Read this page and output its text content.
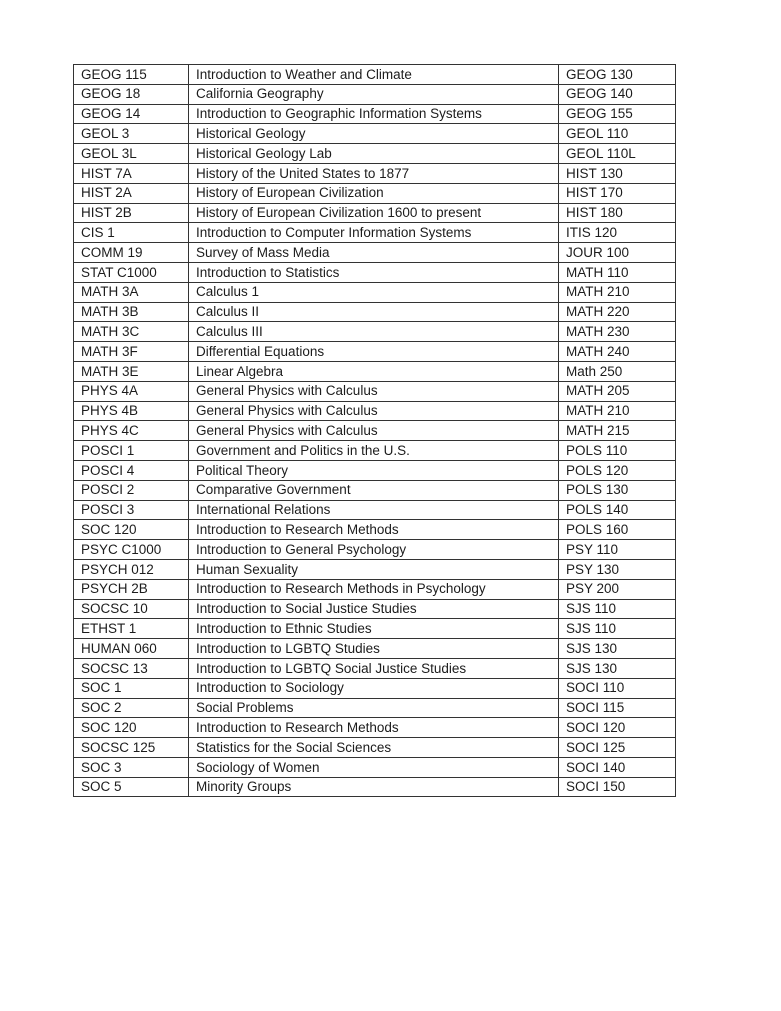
GEOG 115	Introduction to Weather and Climate	GEOG 130
GEOG 18	California Geography	GEOG 140
GEOG 14	Introduction to Geographic Information Systems	GEOG 155
GEOL 3	Historical Geology	GEOL 110
GEOL 3L	Historical Geology Lab	GEOL 110L
HIST 7A	History of the United States to 1877	HIST 130
HIST 2A	History of European Civilization	HIST 170
HIST 2B	History of European Civilization 1600 to present	HIST 180
CIS 1	Introduction to Computer Information Systems	ITIS 120
COMM 19	Survey of Mass Media	JOUR 100
STAT C1000	Introduction to Statistics	MATH 110
MATH 3A	Calculus 1	MATH 210
MATH 3B	Calculus II	MATH 220
MATH 3C	Calculus III	MATH 230
MATH 3F	Differential Equations	MATH 240
MATH 3E	Linear Algebra	Math 250
PHYS 4A	General Physics with Calculus	MATH 205
PHYS 4B	General Physics with Calculus	MATH 210
PHYS 4C	General Physics with Calculus	MATH 215
POSCI 1	Government and Politics in the U.S.	POLS 110
POSCI 4	Political Theory	POLS 120
POSCI 2	Comparative Government	POLS 130
POSCI 3	International Relations	POLS 140
SOC 120	Introduction to Research Methods	POLS 160
PSYC C1000	Introduction to General Psychology	PSY 110
PSYCH 012	Human Sexuality	PSY 130
PSYCH 2B	Introduction to Research Methods in Psychology	PSY 200
SOCSC 10	Introduction to Social Justice Studies	SJS 110
ETHST 1	Introduction to Ethnic Studies	SJS 110
HUMAN 060	Introduction to LGBTQ Studies	SJS 130
SOCSC 13	Introduction to LGBTQ Social Justice Studies	SJS 130
SOC 1	Introduction to Sociology	SOCI 110
SOC 2	Social Problems	SOCI 115
SOC 120	Introduction to Research Methods	SOCI 120
SOCSC 125	Statistics for the Social Sciences	SOCI 125
SOC 3	Sociology of Women	SOCI 140
SOC 5	Minority Groups	SOCI 150
